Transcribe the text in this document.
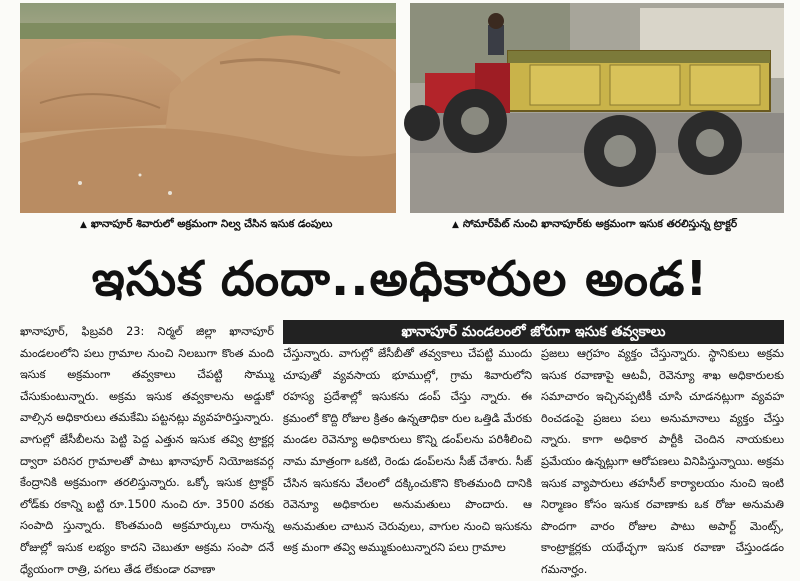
▲ ఖానాపూర్ శివారులో అక్రమంగా నిల్వ చేసిన ఇసుక డంపులు	▲ సోమార్‌పేట్ నుంచి ఖానాపూర్‌కు అక్రమంగా ఇసుక తరలిస్తున్న ట్రాక్టర్
ఇసుక దందా..అధికారుల అండ!
ఖానాపూర్ మండలంలో జోరుగా ఇసుక తవ్వకాలు
ఖానాపూర్, ఫిబ్రవరి 23: నిర్మల్ జిల్లా ఖానాపూర్ మండలంలోని పలు గ్రామాల నుంచి నిలబుగా కొంత మంది ఇసుక అక్రమంగా తవ్వకాలు చేపట్టి సొమ్ము చేసుకుంటున్నారు. అక్రమ ఇసుక తవ్వకాలను అడ్డుకో వాల్సిన అధికారులు తమకేమి పట్టనట్లు వ్యవహరిస్తున్నారు. వాగుల్లో జేసీబీలను పెట్టి పెద్ద ఎత్తున ఇసుక తవ్వి ట్రాక్టర్ల ద్వారా పరిసర గ్రామాలతో పాటు ఖానాపూర్ నియోజకవర్గ కేంద్రానికి అక్రమంగా తరలిస్తున్నారు. ఒక్కో ఇసుక ట్రాక్టర్ లోడ్‌కు రకాన్ని బట్టి రూ.1500 నుంచి రూ. 3500 వరకు సంపాది స్తున్నారు. కొంతమంది అక్రమార్కులు రానున్న రోజుల్లో ఇసుక లభ్యం కాదని చెబుతూ అక్రమ సంపా దనే ధ్యేయంగా రాత్రి, పగలు తేడ లేకుండా రవాణా
చేస్తున్నారు. వాగుల్లో జేసీబీతో తవ్వకాలు చేపట్టి ముందు చూపుతో వ్యవసాయ భూముల్లో, గ్రామ శివారులోని రహస్య ప్రదేశాల్లో ఇసుకను డంప్ చేస్తు న్నారు. ఈ క్రమంలో కొద్ది రోజుల క్రితం ఉన్నతాధికా రుల ఒత్తిడి మేరకు మండల రెవెన్యూ అధికారులు కొన్ని డంప్‌లను పరిశీలించి నామ మాత్రంగా ఒకటి, రెండు డంప్‌లను సీజ్ చేశారు. సీజ్ చేసిన ఇసుకను వేలంలో దక్కించుకొని కొంతమంది దానికి రెవెన్యూ అధికారుల అనుమతులు పొందారు. ఆ అనుమతుల చాటున చెరువులు, వాగుల నుంచి ఇసుకను అక్ర మంగా తవ్వి అమ్ముకుంటున్నారని పలు గ్రామాల
ప్రజలు ఆగ్రహం వ్యక్తం చేస్తున్నారు. స్థానికులు అక్రమ ఇసుక రవాణాపై ఆటవీ, రెవెన్యూ శాఖ అధికారులకు సమాచారం ఇచ్చినప్పటికీ చూసి చూడనట్లుగా వ్యవహ రించడంపై ప్రజలు పలు అనుమానాలు వ్యక్తం చేస్తు న్నారు. కాగా అధికార పార్టీకి చెందిన నాయకులు ప్రమేయం ఉన్నట్లుగా ఆరోపణలు వినిపిస్తున్నాయి. అక్రమ ఇసుక వ్యాపారులు తహసీల్ కార్యాలయం నుంచి ఇంటి నిర్మాణం కోసం ఇసుక రవాణాకు ఒక రోజు అనుమతి పొందగా వారం రోజుల పాటు అపార్ట్ మెంట్స్, కాంట్రాక్టర్లకు యథేచ్ఛగా ఇసుక రవాణా చేస్తుండడం గమనార్హం.
